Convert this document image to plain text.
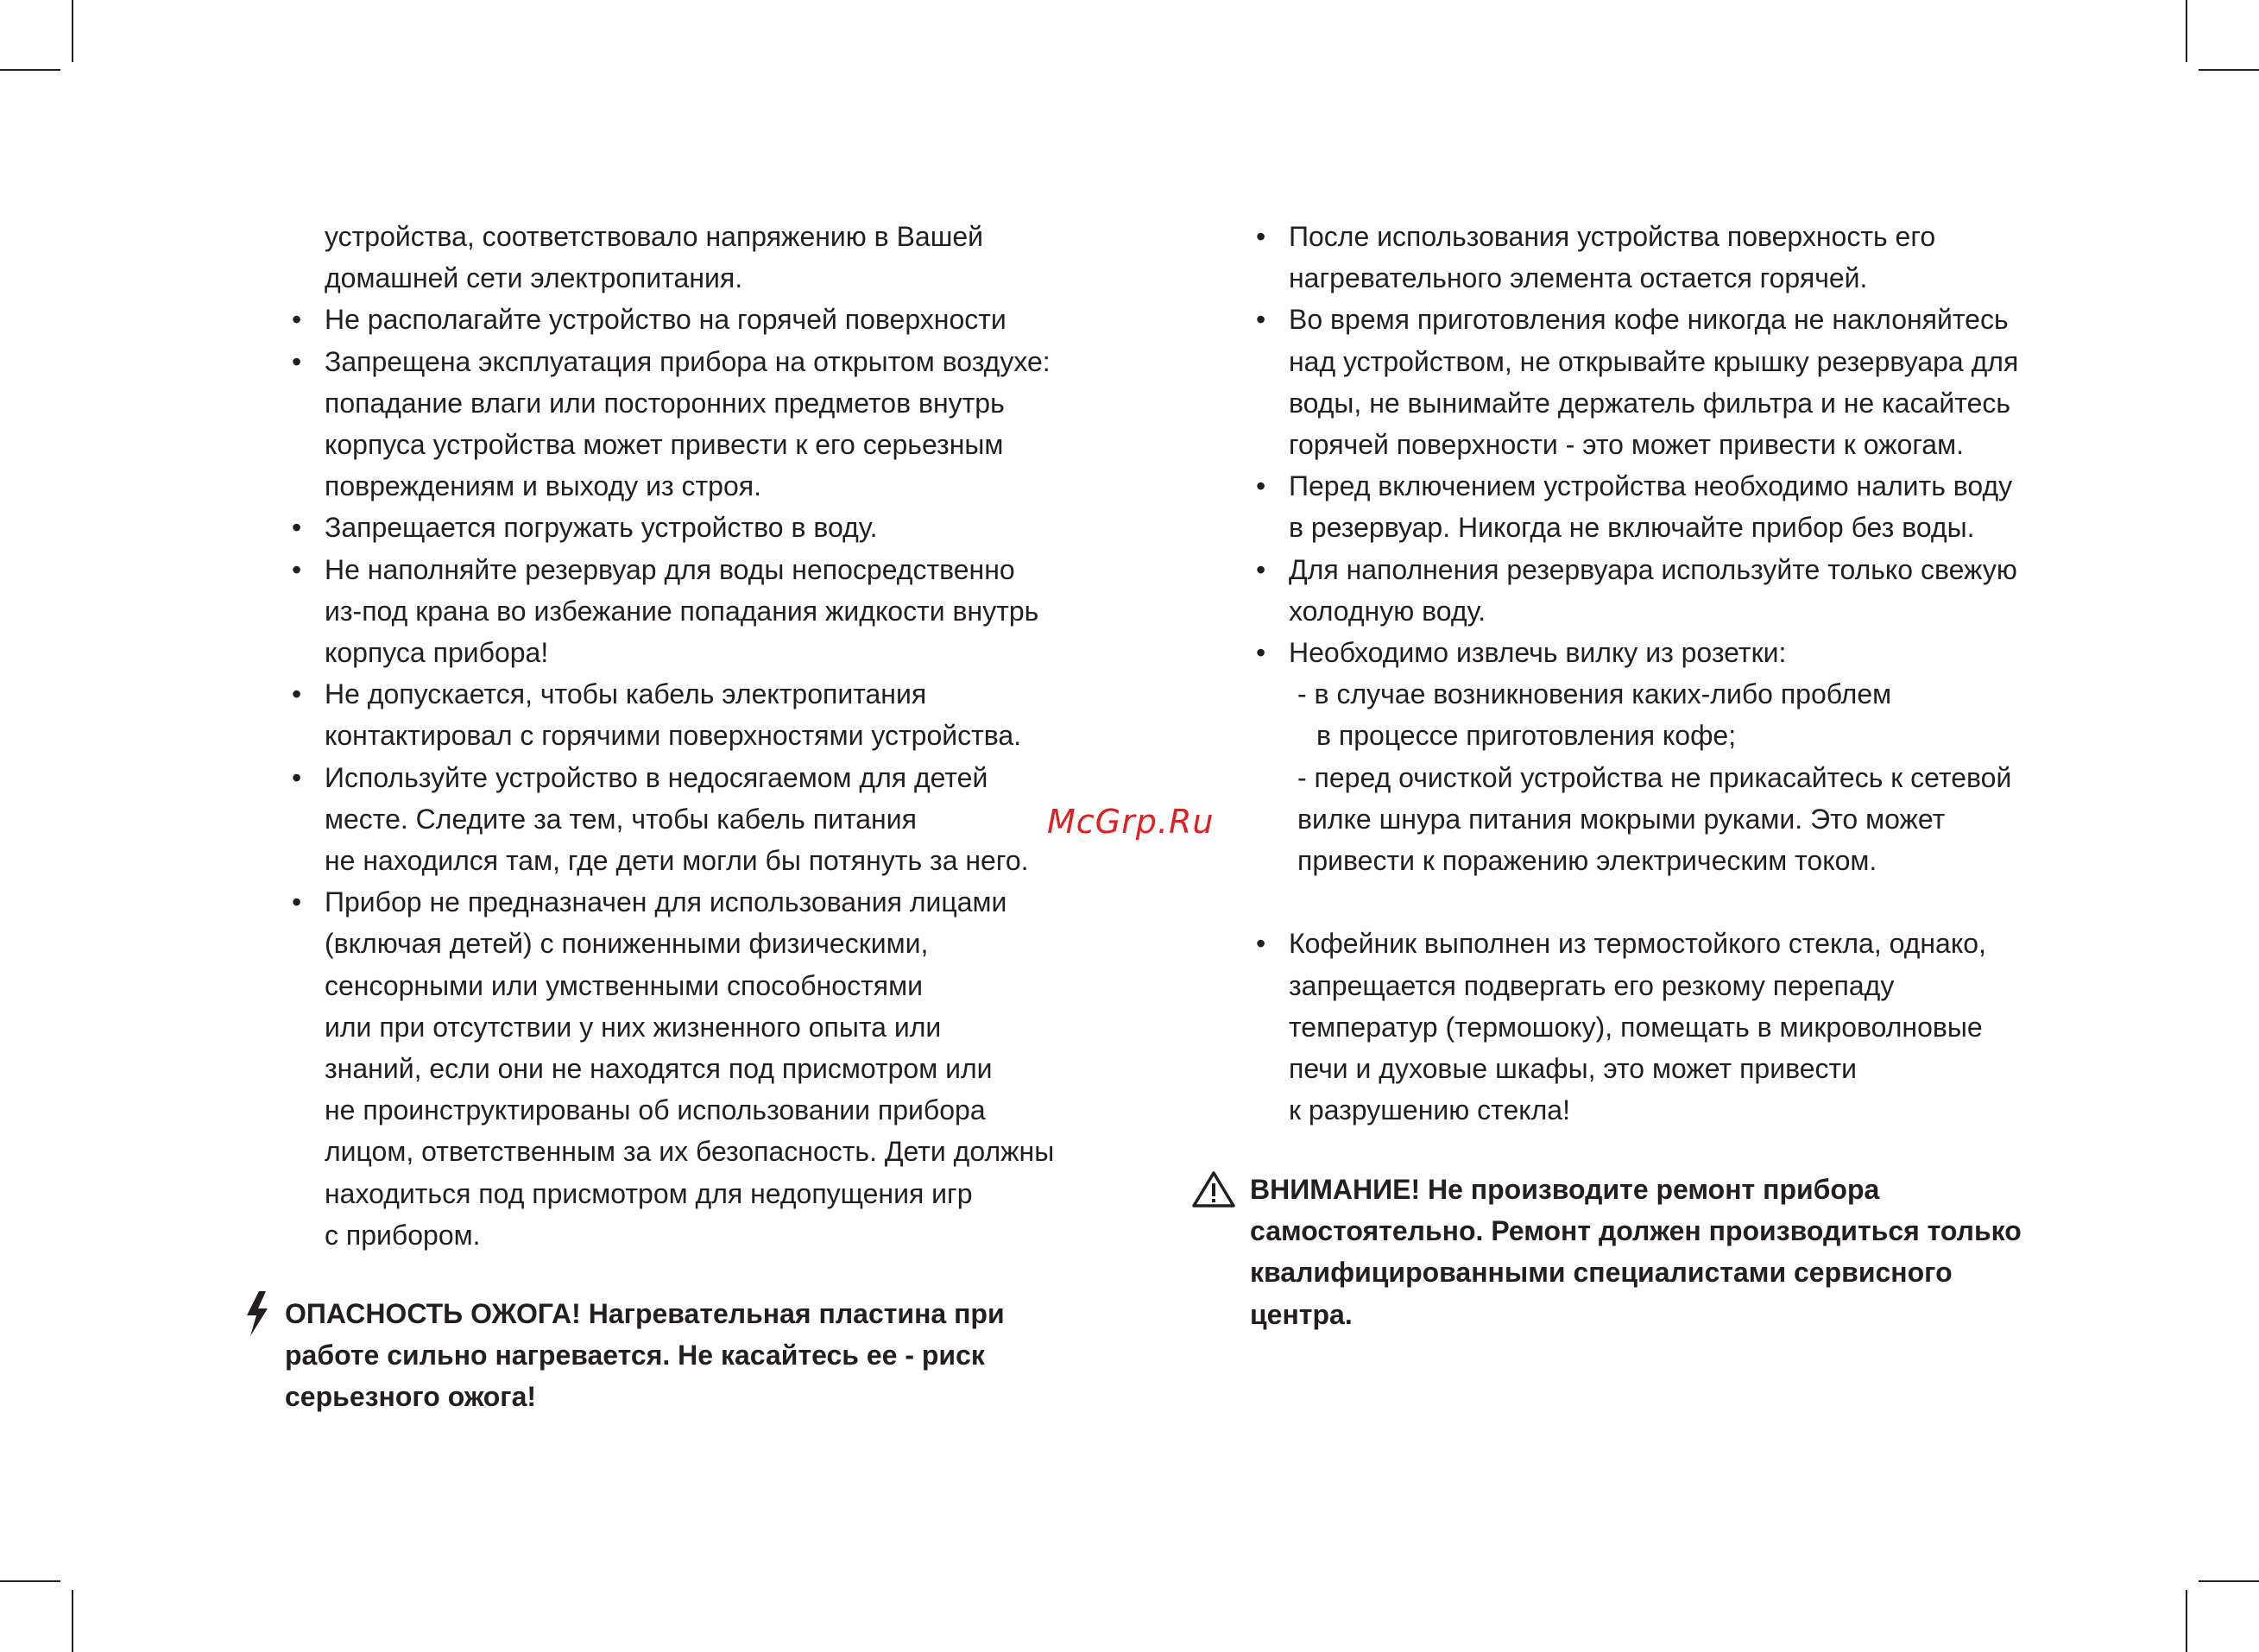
устройства, соответствовало напряжению в Вашей
домашней сети электропитания.
• Не располагайте устройство на горячей поверхности
• Запрещена эксплуатация прибора на открытом воздухе:
попадание влаги или посторонних предметов внутрь
корпуса устройства может привести к его серьезным
повреждениям и выходу из строя.
• Запрещается погружать устройство в воду.
• Не наполняйте резервуар для воды непосредственно
из-под крана во избежание попадания жидкости внутрь
корпуса прибора!
• Не допускается, чтобы кабель электропитания
контактировал с горячими поверхностями устройства.
• Используйте устройство в недосягаемом для детей
месте. Следите за тем, чтобы кабель питания
не находился там, где дети могли бы потянуть за него.
• Прибор не предназначен для использования лицами
(включая детей) с пониженными физическими,
сенсорными или умственными способностями
или при отсутствии у них жизненного опыта или
знаний, если они не находятся под присмотром или
не проинструктированы об использовании прибора
лицом, ответственным за их безопасность. Дети должны
находиться под присмотром для недопущения игр
с прибором.
ОПАСНОСТЬ ОЖОГА! Нагревательная пластина при
работе сильно нагревается. Не касайтесь ее - риск
серьезного ожога!
McGrp.Ru
• После использования устройства поверхность его
нагревательного элемента остается горячей.
• Во время приготовления кофе никогда не наклоняйтесь
над устройством, не открывайте крышку резервуара для
воды, не вынимайте держатель фильтра и не касайтесь
горячей поверхности - это может привести к ожогам.
• Перед включением устройства необходимо налить воду
в резервуар. Никогда не включайте прибор без воды.
• Для наполнения резервуара используйте только свежую
холодную воду.
• Необходимо извлечь вилку из розетки:
- в случае возникновения каких-либо проблем
в процессе приготовления кофе;
- перед очисткой устройства не прикасайтесь к сетевой
вилке шнура питания мокрыми руками. Это может
привести к поражению электрическим током.
• Кофейник выполнен из термостойкого стекла, однако,
запрещается подвергать его резкому перепаду
температур (термошоку), помещать в микроволновые
печи и духовые шкафы, это может привести
к разрушению стекла!
ВНИМАНИЕ! Не производите ремонт прибора
самостоятельно. Ремонт должен производиться только
квалифицированными специалистами сервисного
центра.
